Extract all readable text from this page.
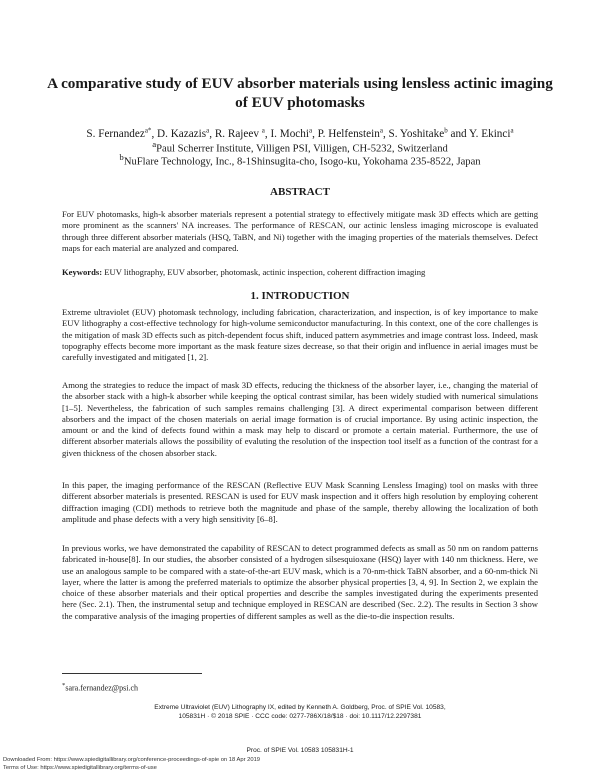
A comparative study of EUV absorber materials using lensless actinic imaging of EUV photomasks
S. Fernandez$^{a*}$, D. Kazazis$^a$, R. Rajeev $^a$, I. Mochi$^a$, P. Helfenstein$^a$, S. Yoshitake$^b$ and Y. Ekinci$^a$
$^a$Paul Scherrer Institute, Villigen PSI, Villigen, CH-5232, Switzerland
$^b$NuFlare Technology, Inc., 8-1Shinsugita-cho, Isogo-ku, Yokohama 235-8522, Japan
ABSTRACT

For EUV photomasks, high-k absorber materials represent a potential strategy to effectively mitigate mask 3D effects which are getting more prominent as the scanners' NA increases. The performance of RESCAN, our actinic lensless imaging microscope is evaluated through three different absorber materials (HSQ, TaBN, and Ni) together with the imaging properties of the materials themselves. Defect maps for each material are analyzed and compared.

Keywords: EUV lithography, EUV absorber, photomask, actinic inspection, coherent diffraction imaging
1. INTRODUCTION

Extreme ultraviolet (EUV) photomask technology, including fabrication, characterization, and inspection, is of key importance to make EUV lithography a cost-effective technology for high-volume semiconductor manufacturing. In this context, one of the core challenges is the mitigation of mask 3D effects such as pitch-dependent focus shift, induced pattern asymmetries and image contrast loss. Indeed, mask topography effects become more important as the mask feature sizes decrease, so that their origin and influence in aerial images must be carefully investigated and mitigated [1, 2].

Among the strategies to reduce the impact of mask 3D effects, reducing the thickness of the absorber layer, i.e., changing the material of the absorber stack with a high-k absorber while keeping the optical contrast similar, has been widely studied with numerical simulations [1–5]. Nevertheless, the fabrication of such samples remains challenging [3]. A direct experimental comparison between different absorbers and the impact of the chosen materials on aerial image formation is of crucial importance. By using actinic inspection, the amount or and the kind of defects found within a mask may help to discard or promote a certain material. Furthermore, the use of different absorber materials allows the possibility of evaluting the resolution of the inspection tool itself as a function of the contrast for a given thickness of the chosen absorber stack.

In this paper, the imaging performance of the RESCAN (Reflective EUV Mask Scanning Lensless Imaging) tool on masks with three different absorber materials is presented. RESCAN is used for EUV mask inspection and it offers high resolution by employing coherent diffraction imaging (CDI) methods to retrieve both the magnitude and phase of the sample, thereby allowing the localization of both amplitude and phase defects with a very high sensitivity [6–8].

In previous works, we have demonstrated the capability of RESCAN to detect programmed defects as small as 50 nm on random patterns fabricated in-house[8]. In our studies, the absorber consisted of a hydrogen silsesquioxane (HSQ) layer with 140 nm thickness. Here, we use an analogous sample to be compared with a state-of-the-art EUV mask, which is a 70-nm-thick TaBN absorber, and a 60-nm-thick Ni layer, where the latter is among the preferred materials to optimize the absorber physical properties [3, 4, 9]. In Section 2, we explain the choice of these absorber materials and their optical properties and describe the samples investigated during the experiments presented here (Sec. 2.1). Then, the instrumental setup and technique employed in RESCAN are described (Sec. 2.2). The results in Section 3 show the comparative analysis of the imaging properties of different samples as well as the die-to-die inspection results.

*sara.fernandez@psi.ch
Extreme Ultraviolet (EUV) Lithography IX, edited by Kenneth A. Goldberg, Proc. of SPIE Vol. 10583,
105831H · © 2018 SPIE · CCC code: 0277-786X/18/$18 · doi: 10.1117/12.2297381
Proc. of SPIE Vol. 10583 105831H-1
Downloaded From: https://www.spiedigitallibrary.org/conference-proceedings-of-spie on 18 Apr 2019
Terms of Use: https://www.spiedigitallibrary.org/terms-of-use
